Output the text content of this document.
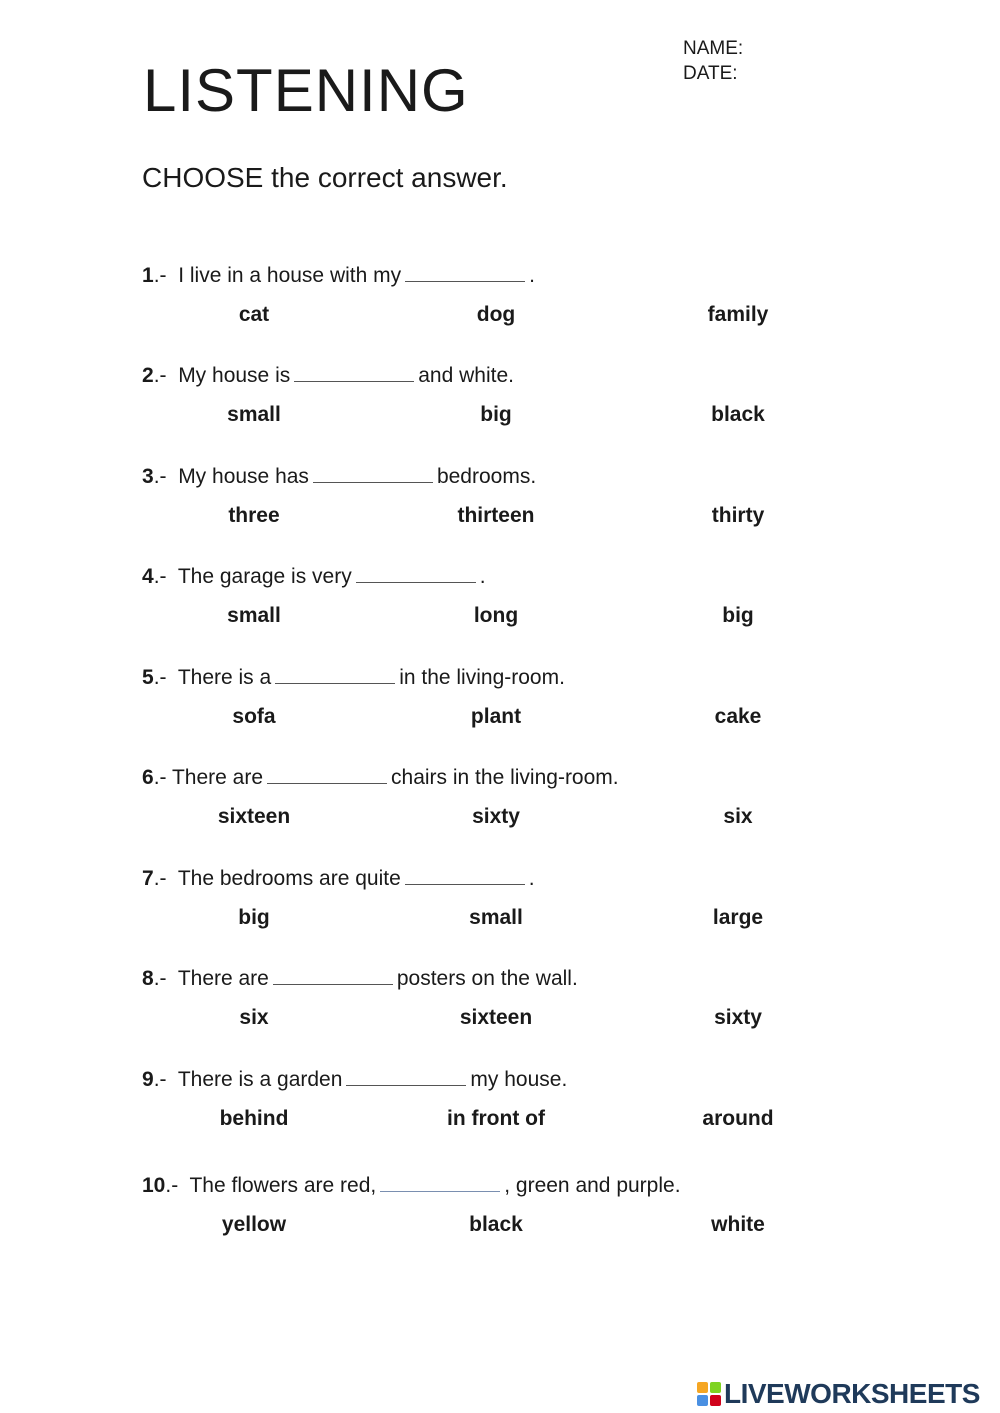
LISTENING
NAME:
DATE:

CHOOSE the correct answer.

1.-  I live in a house with my	.
cat	dog	family
2.-  My house is	and white.
small	big	black
3.-  My house has	bedrooms.
three	thirteen	thirty
4.-  The garage is very	.
small	long	big
5.-  There is a	in the living-room.
sofa	plant	cake
6.- There are	chairs in the living-room.
sixteen	sixty	six
7.-  The bedrooms are quite	.
big	small	large
8.-  There are	posters on the wall.
six	sixteen	sixty
9.-  There is a garden	my house.
behind	in front of	around
10.-  The flowers are red,	, green and purple.
yellow	black	white
LIVEWORKSHEETS
